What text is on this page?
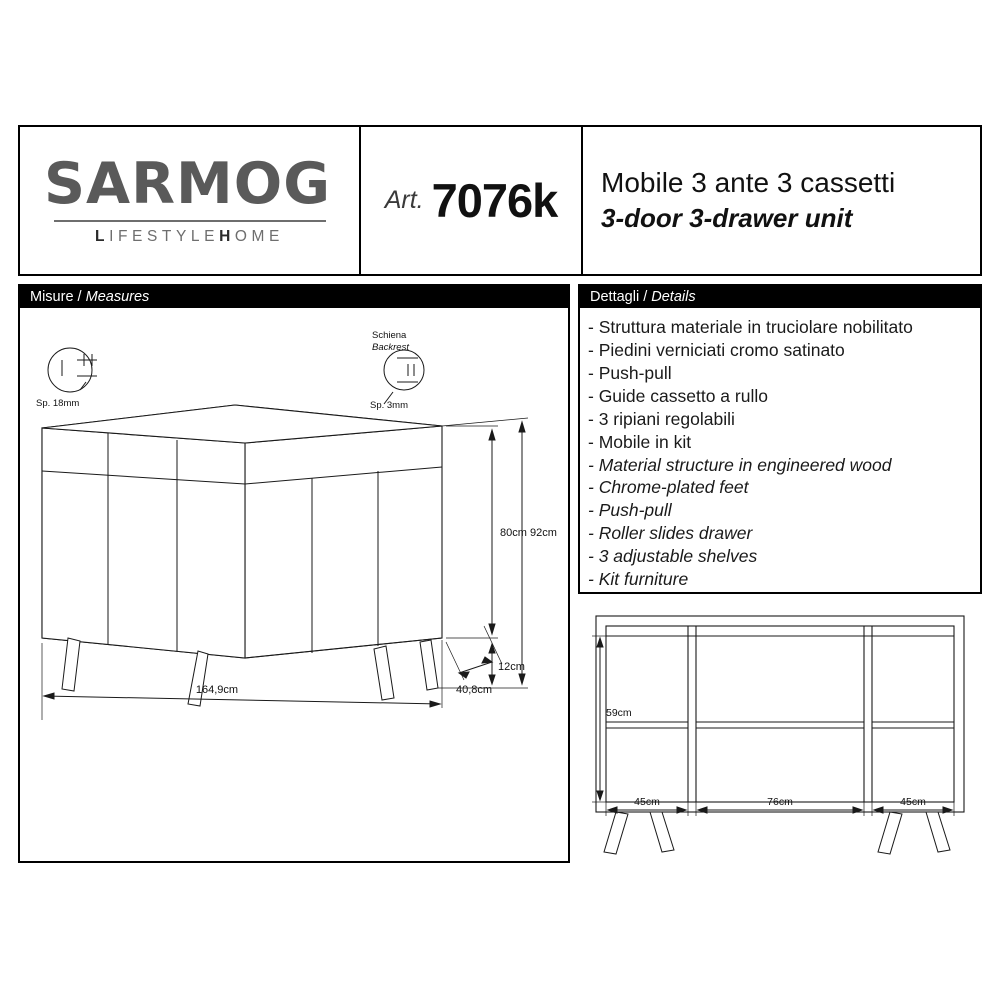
SARMOG
LIFESTYLEHOME
Art. 7076k Mobile 3 ante 3 cassetti
3-door 3-drawer unit
Misure / Measures
Sp. 18mm
Schiena
Backrest
Sp. 3mm
164,9cm	40,8cm
80cm 92cm
12cm
Dettagli / Details
- Struttura materiale in truciolare nobilitato
- Piedini verniciati cromo satinato
- Push-pull
- Guide cassetto a rullo
- 3 ripiani regolabili
- Mobile in kit
- Material structure in engineered wood
- Chrome-plated feet
- Push-pull
- Roller slides drawer
- 3 adjustable shelves
- Kit furniture
59cm
45cm	76cm	45cm
